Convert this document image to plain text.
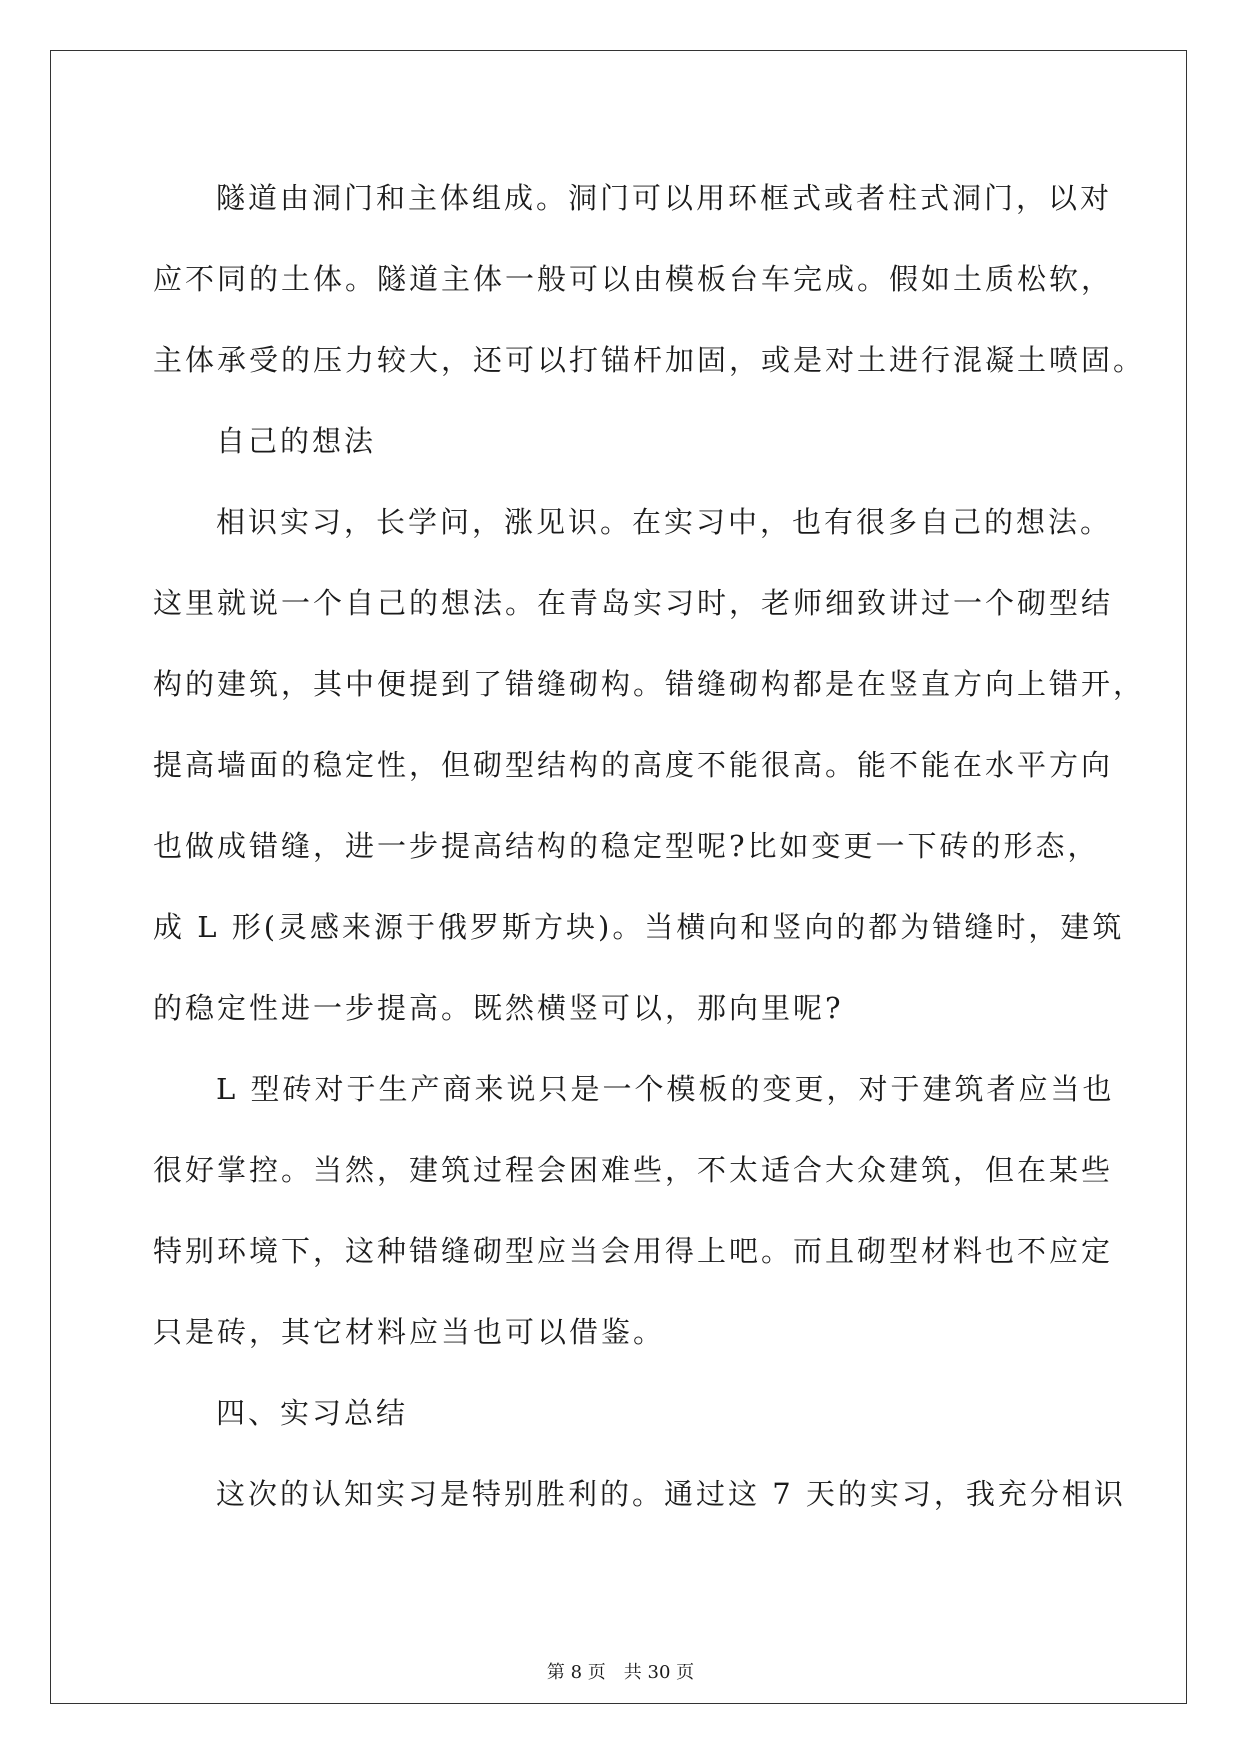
隧道由洞门和主体组成。洞门可以用环框式或者柱式洞门，以对
应不同的土体。隧道主体一般可以由模板台车完成。假如土质松软，
主体承受的压力较大，还可以打锚杆加固，或是对土进行混凝土喷固。
自己的想法
相识实习，长学问，涨见识。在实习中，也有很多自己的想法。
这里就说一个自己的想法。在青岛实习时，老师细致讲过一个砌型结
构的建筑，其中便提到了错缝砌构。错缝砌构都是在竖直方向上错开，
提高墙面的稳定性，但砌型结构的高度不能很高。能不能在水平方向
也做成错缝，进一步提高结构的稳定型呢?比如变更一下砖的形态，
成 L 形(灵感来源于俄罗斯方块)。当横向和竖向的都为错缝时，建筑
的稳定性进一步提高。既然横竖可以，那向里呢?
L 型砖对于生产商来说只是一个模板的变更，对于建筑者应当也
很好掌控。当然，建筑过程会困难些，不太适合大众建筑，但在某些
特别环境下，这种错缝砌型应当会用得上吧。而且砌型材料也不应定
只是砖，其它材料应当也可以借鉴。
四、实习总结
这次的认知实习是特别胜利的。通过这 7 天的实习，我充分相识
第 8 页　共 30 页
